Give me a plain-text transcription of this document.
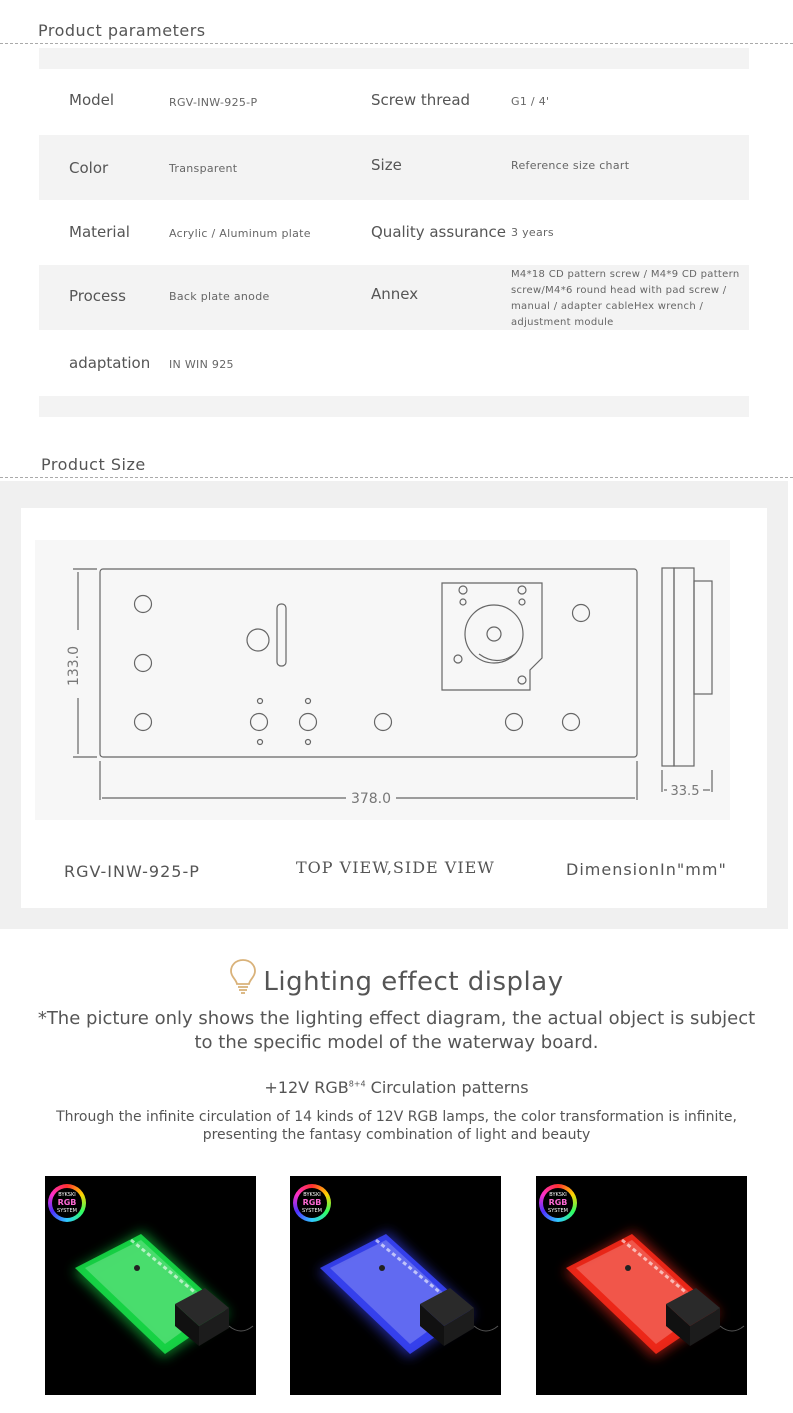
Product parameters
Model	RGV-INW-925-P	Screw thread	G1 / 4'
Color	Transparent	Size	Reference size chart
Material	Acrylic / Aluminum plate	Quality assurance 3 years
Process	Back plate anode	Annex
M4*18 CD pattern screw / M4*9 CD pattern screw/M4*6 round head with pad screw / manual / adapter cableHex wrench / adjustment module
adaptation IN WIN 925
Product Size
133.0
378.0	33.5
RGV-INW-925-P	TOP VIEW,SIDE VIEW	DimensionIn"mm"
Lighting effect display
*The picture only shows the lighting effect diagram, the actual object is subject to the specific model of the waterway board.
+12V $RGB^{8+4}$ Circulation patterns
Through the infinite circulation of 14 kinds of 12V RGB lamps, the color transformation is infinite, presenting the fantasy combination of light and beauty
BYKSKI
RGB
SYSTEM
BYKSKI
RGB
SYSTEM
BYKSKI
RGB
SYSTEM
